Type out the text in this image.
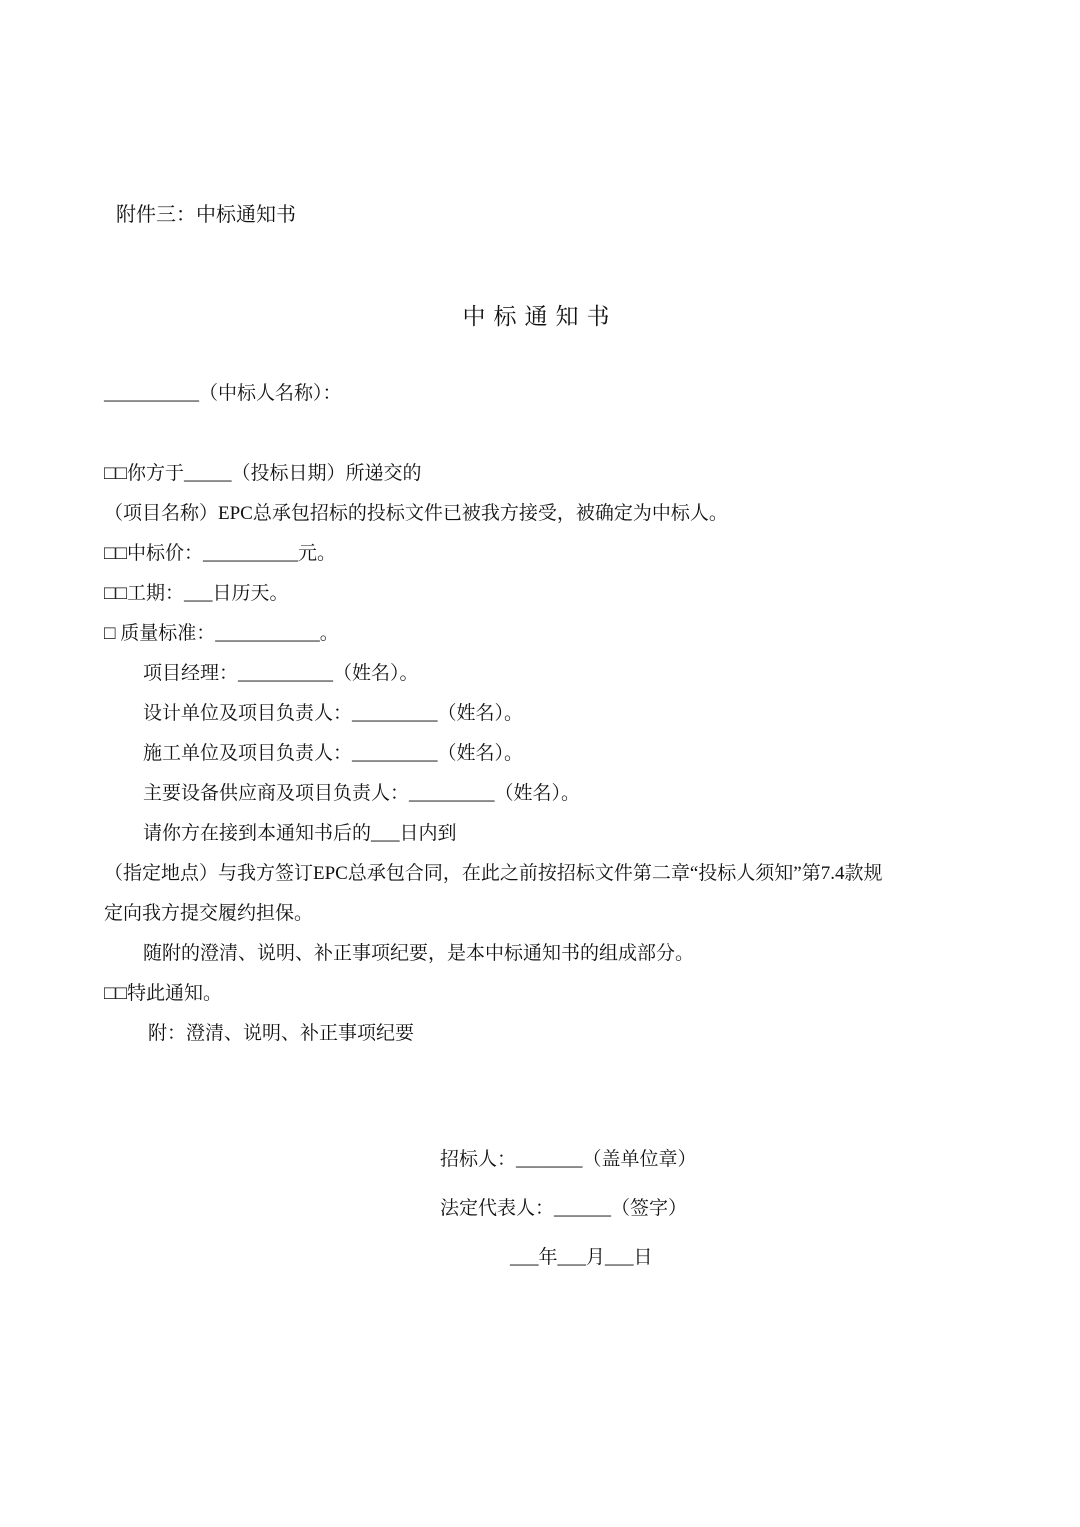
附件三：中标通知书
中标通知书
__________（中标人名称）：
□□你方于_____（投标日期）所递交的
（项目名称）EPC总承包招标的投标文件已被我方接受，被确定为中标人。
□□中标价：__________元。
□□工期：___日历天。
□ 质量标准：___________。
项目经理：__________（姓名）。
设计单位及项目负责人：_________（姓名）。
施工单位及项目负责人：_________（姓名）。
主要设备供应商及项目负责人：_________（姓名）。
请你方在接到本通知书后的___日内到
（指定地点）与我方签订EPC总承包合同，在此之前按招标文件第二章“投标人须知”第7.4款规
定向我方提交履约担保。
随附的澄清、说明、补正事项纪要，是本中标通知书的组成部分。
□□特此通知。
附：澄清、说明、补正事项纪要
招标人：_______（盖单位章）
法定代表人：______（签字）
___年___月___日
